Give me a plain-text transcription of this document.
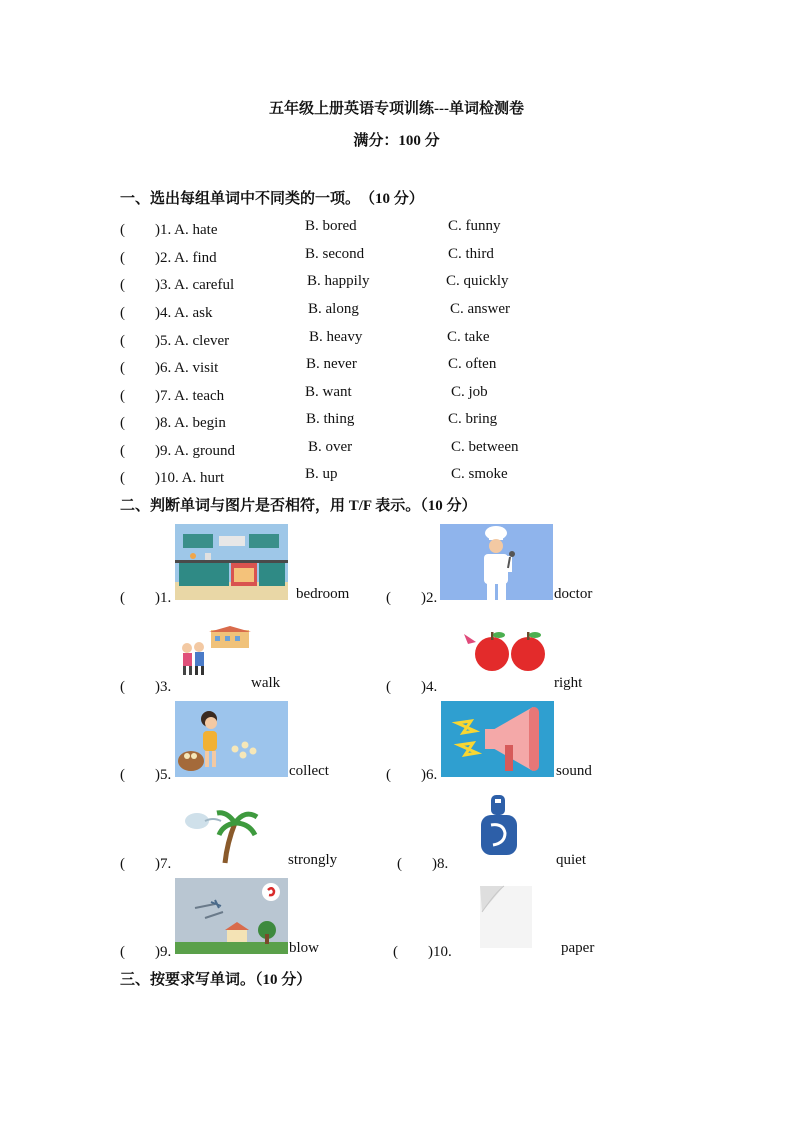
五年级上册英语专项训练---单词检测卷
满分：100 分
一、选出每组单词中不同类的一项。　（10 分）
(　　)1. A. hate	B. bored	C. funny
(　　)2. A. find	B. second	C. third
(　　)3. A. careful	B. happily	C. quickly
(　　)4. A. ask	B. along	C. answer
(　　)5. A. clever	B. heavy	C. take
(　　)6. A. visit	B. never	C. often
(　　)7. A. teach	B. want	C. job
(　　)8. A. begin	B. thing	C. bring
(　　)9. A. ground	B. over	C. between
(　　)10. A. hurt	B. up	C. smoke
二、判断单词与图片是否相符，用 T/F 表示。（10 分）
(　　)1.	bedroom (　　)2.	doctor
(　　)3.	walk	(　　)4.	right
(　　)5.	collect	(　　)6.	sound
(　　)7.	strongly	(　　)8.	quiet
(　　)9.	blow	(　　)10.	paper
三、按要求写单词。（10 分）
